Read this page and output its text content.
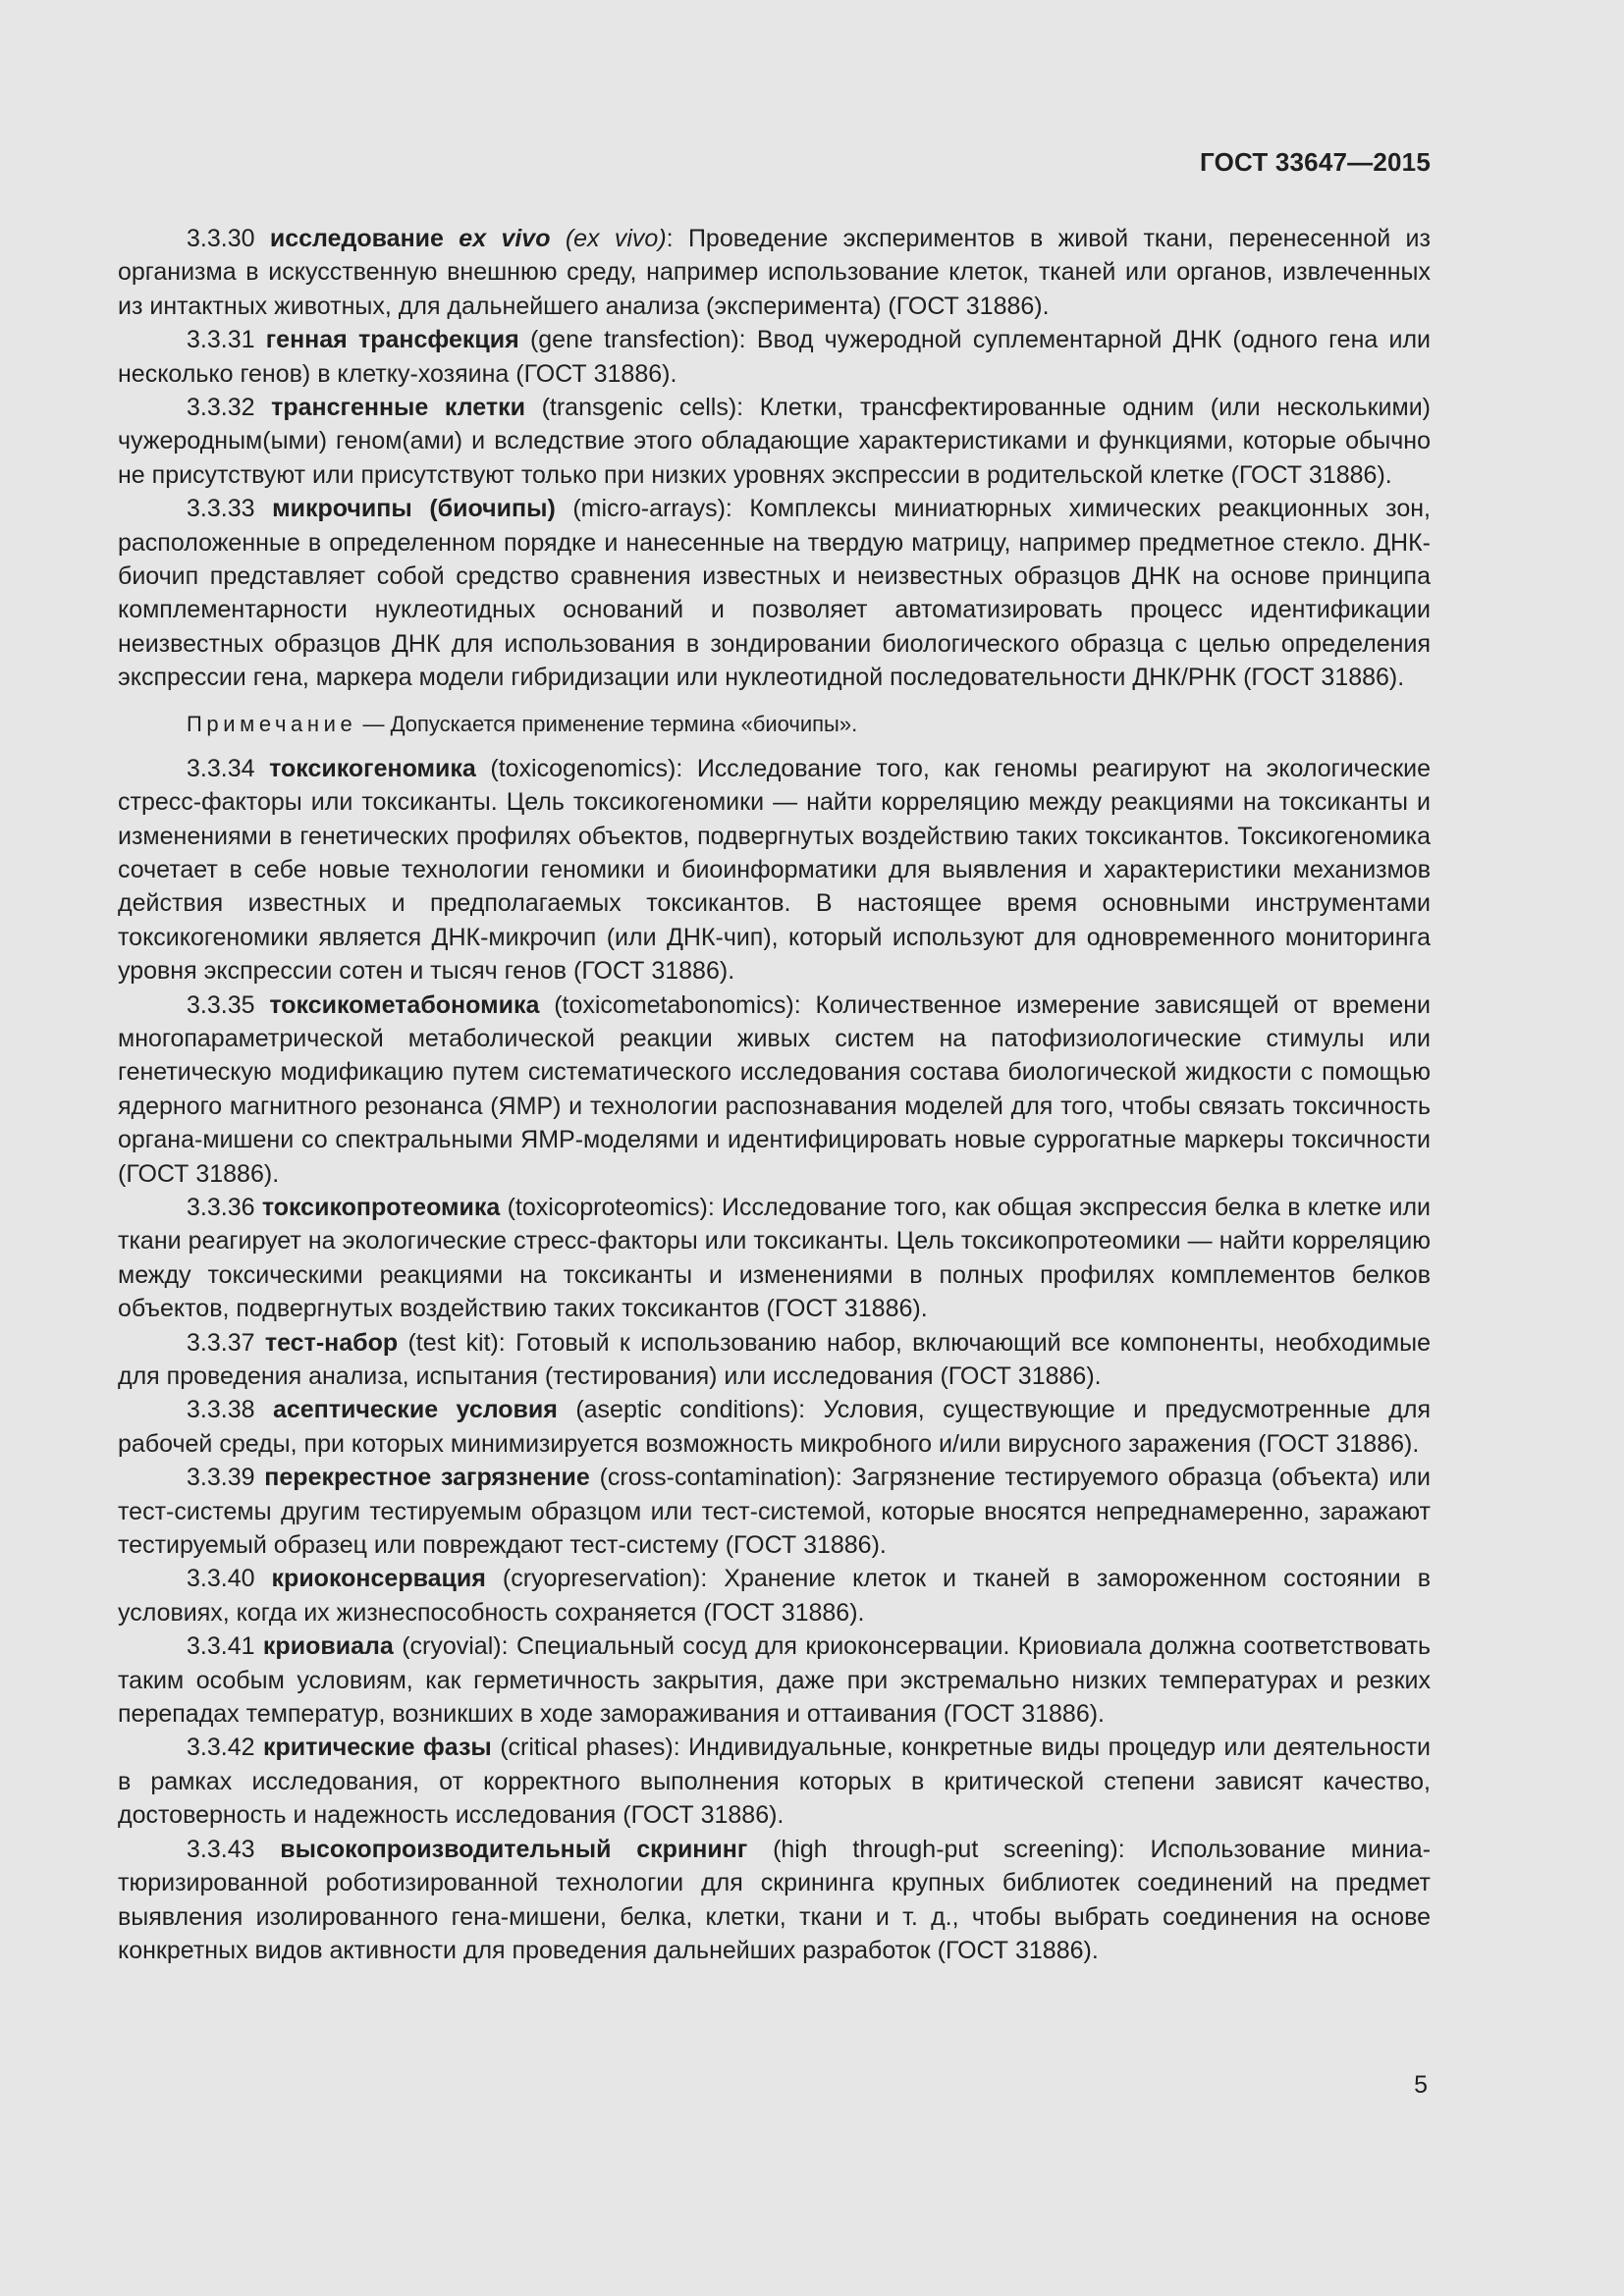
ГОСТ 33647—2015

3.3.30 исследование ex vivo (ex vivo): Проведение экспериментов в живой ткани, перенесенной из организма в искусственную внешнюю среду, например использование клеток, тканей или органов, извлеченных из интактных животных, для дальнейшего анализа (эксперимента) (ГОСТ 31886).

3.3.31 генная трансфекция (gene transfection): Ввод чужеродной суплементарной ДНК (одного гена или несколько генов) в клетку-хозяина (ГОСТ 31886).

3.3.32 трансгенные клетки (transgenic cells): Клетки, трансфектированные одним (или несколькими) чужеродным(ыми) геном(ами) и вследствие этого обладающие характеристиками и функциями, которые обычно не присутствуют или присутствуют только при низких уровнях экспрессии в родительской клетке (ГОСТ 31886).

3.3.33 микрочипы (биочипы) (micro-arrays): Комплексы миниатюрных химических реакционных зон, расположенные в определенном порядке и нанесенные на твердую матрицу, например предметное стекло. ДНК-биочип представляет собой средство сравнения известных и неизвестных образцов ДНК на основе принципа комплементарности нуклеотидных оснований и позволяет автоматизировать процесс идентификации неизвестных образцов ДНК для использования в зондировании биологического образца с целью определения экспрессии гена, маркера модели гибридизации или нуклеотидной последовательности ДНК/РНК (ГОСТ 31886).

Примечание — Допускается применение термина «биочипы».

3.3.34 токсикогеномика (toxicogenomics): Исследование того, как геномы реагируют на экологические стресс-факторы или токсиканты. Цель токсикогеномики — найти корреляцию между реакциями на токсиканты и изменениями в генетических профилях объектов, подвергнутых воздействию таких токсикантов. Токсикогеномика сочетает в себе новые технологии геномики и биоинформатики для выявления и характеристики механизмов действия известных и предполагаемых токсикантов. В настоящее время основными инструментами токсикогеномики является ДНК-микрочип (или ДНК-чип), который используют для одновременного мониторинга уровня экспрессии сотен и тысяч генов (ГОСТ 31886).

3.3.35 токсикометабономика (toxicometabonomics): Количественное измерение зависящей от времени многопараметрической метаболической реакции живых систем на патофизиологические стимулы или генетическую модификацию путем систематического исследования состава биологической жидкости с помощью ядерного магнитного резонанса (ЯМР) и технологии распознавания моделей для того, чтобы связать токсичность органа-мишени со спектральными ЯМР-моделями и идентифицировать новые суррогатные маркеры токсичности (ГОСТ 31886).

3.3.36 токсикопротеомика (toxicoproteomics): Исследование того, как общая экспрессия белка в клетке или ткани реагирует на экологические стресс-факторы или токсиканты. Цель токсикопротеомики — найти корреляцию между токсическими реакциями на токсиканты и изменениями в полных профилях комплементов белков объектов, подвергнутых воздействию таких токсикантов (ГОСТ 31886).

3.3.37 тест-набор (test kit): Готовый к использованию набор, включающий все компоненты, необходимые для проведения анализа, испытания (тестирования) или исследования (ГОСТ 31886).

3.3.38 асептические условия (aseptic conditions): Условия, существующие и предусмотренные для рабочей среды, при которых минимизируется возможность микробного и/или вирусного заражения (ГОСТ 31886).

3.3.39 перекрестное загрязнение (cross-contamination): Загрязнение тестируемого образца (объекта) или тест-системы другим тестируемым образцом или тест-системой, которые вносятся непреднамеренно, заражают тестируемый образец или повреждают тест-систему (ГОСТ 31886).

3.3.40 криоконсервация (cryopreservation): Хранение клеток и тканей в замороженном состоянии в условиях, когда их жизнеспособность сохраняется (ГОСТ 31886).

3.3.41 криовиала (cryovial): Специальный сосуд для криоконсервации. Криовиала должна соответствовать таким особым условиям, как герметичность закрытия, даже при экстремально низких температурах и резких перепадах температур, возникших в ходе замораживания и оттаивания (ГОСТ 31886).

3.3.42 критические фазы (critical phases): Индивидуальные, конкретные виды процедур или деятельности в рамках исследования, от корректного выполнения которых в критической степени зависят качество, достоверность и надежность исследования (ГОСТ 31886).

3.3.43 высокопроизводительный скрининг (high through-put screening): Использование миниатюризированной роботизированной технологии для скрининга крупных библиотек соединений на предмет выявления изолированного гена-мишени, белка, клетки, ткани и т. д., чтобы выбрать соединения на основе конкретных видов активности для проведения дальнейших разработок (ГОСТ 31886).

5
